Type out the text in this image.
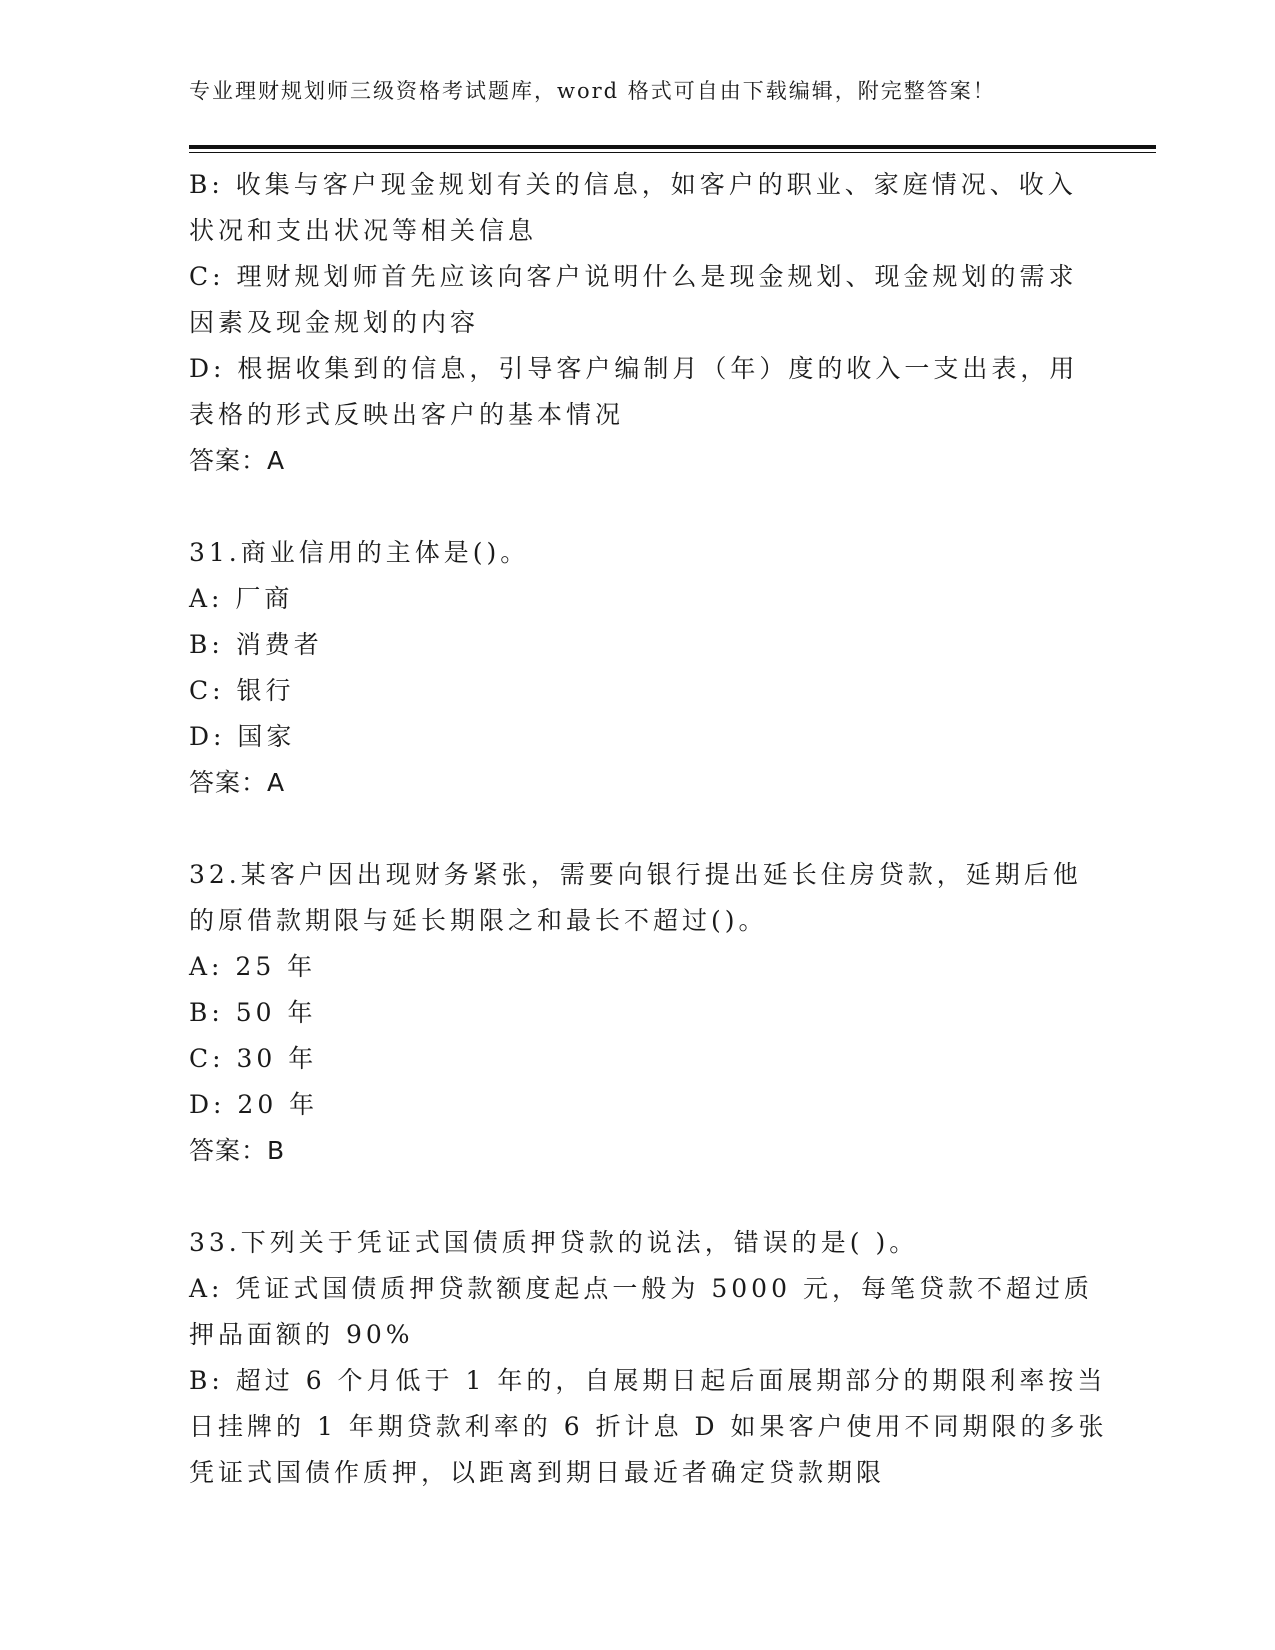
专业理财规划师三级资格考试题库，word 格式可自由下载编辑，附完整答案！
B: 收集与客户现金规划有关的信息，如客户的职业、家庭情况、收入
状况和支出状况等相关信息
C: 理财规划师首先应该向客户说明什么是现金规划、现金规划的需求
因素及现金规划的内容
D: 根据收集到的信息，引导客户编制月（年）度的收入一支出表，用
表格的形式反映出客户的基本情况
答案：A
31.商业信用的主体是()。
A: 厂商
B: 消费者
C: 银行
D: 国家
答案：A
32.某客户因出现财务紧张，需要向银行提出延长住房贷款，延期后他
的原借款期限与延长期限之和最长不超过()。
A: 25 年
B: 50 年
C: 30 年
D: 20 年
答案：B
33.下列关于凭证式国债质押贷款的说法，错误的是( )。
A: 凭证式国债质押贷款额度起点一般为 5000 元，每笔贷款不超过质
押品面额的 90%
B: 超过 6 个月低于 1 年的，自展期日起后面展期部分的期限利率按当
日挂牌的 1 年期贷款利率的 6 折计息 D 如果客户使用不同期限的多张
凭证式国债作质押，以距离到期日最近者确定贷款期限
